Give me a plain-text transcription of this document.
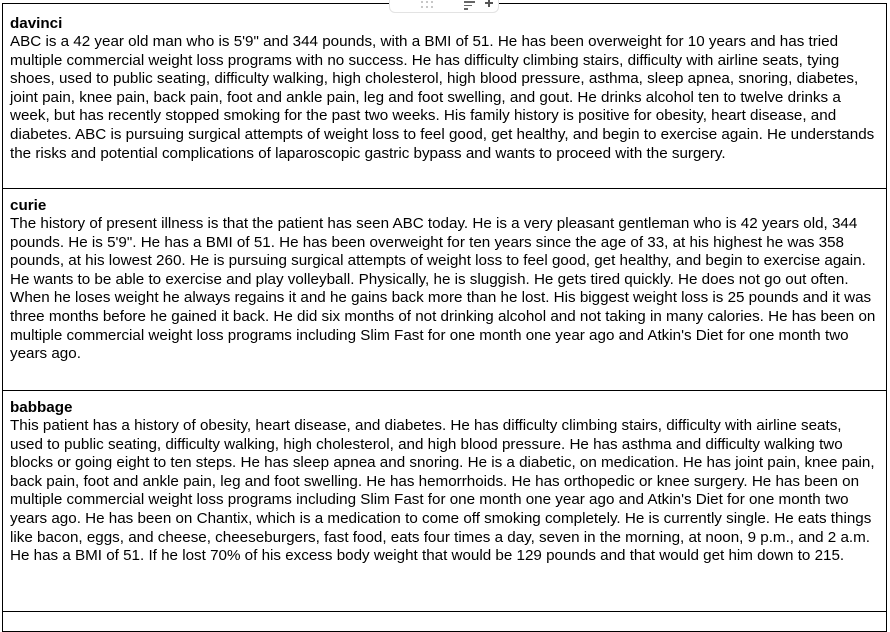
davinci
ABC is a 42 year old man who is 5'9" and 344 pounds, with a BMI of 51. He has been overweight for 10 years and has tried multiple commercial weight loss programs with no success. He has difficulty climbing stairs, difficulty with airline seats, tying shoes, used to public seating, difficulty walking, high cholesterol, high blood pressure, asthma, sleep apnea, snoring, diabetes, joint pain, knee pain, back pain, foot and ankle pain, leg and foot swelling, and gout. He drinks alcohol ten to twelve drinks a week, but has recently stopped smoking for the past two weeks. His family history is positive for obesity, heart disease, and diabetes. ABC is pursuing surgical attempts of weight loss to feel good, get healthy, and begin to exercise again. He understands the risks and potential complications of laparoscopic gastric bypass and wants to proceed with the surgery.
curie
The history of present illness is that the patient has seen ABC today. He is a very pleasant gentleman who is 42 years old, 344 pounds. He is 5'9". He has a BMI of 51. He has been overweight for ten years since the age of 33, at his highest he was 358 pounds, at his lowest 260. He is pursuing surgical attempts of weight loss to feel good, get healthy, and begin to exercise again. He wants to be able to exercise and play volleyball. Physically, he is sluggish. He gets tired quickly. He does not go out often. When he loses weight he always regains it and he gains back more than he lost. His biggest weight loss is 25 pounds and it was three months before he gained it back. He did six months of not drinking alcohol and not taking in many calories. He has been on multiple commercial weight loss programs including Slim Fast for one month one year ago and Atkin's Diet for one month two years ago.
babbage
This patient has a history of obesity, heart disease, and diabetes. He has difficulty climbing stairs, difficulty with airline seats, used to public seating, difficulty walking, high cholesterol, and high blood pressure. He has asthma and difficulty walking two blocks or going eight to ten steps. He has sleep apnea and snoring. He is a diabetic, on medication. He has joint pain, knee pain, back pain, foot and ankle pain, leg and foot swelling. He has hemorrhoids. He has orthopedic or knee surgery. He has been on multiple commercial weight loss programs including Slim Fast for one month one year ago and Atkin's Diet for one month two years ago. He has been on Chantix, which is a medication to come off smoking completely. He is currently single. He eats things like bacon, eggs, and cheese, cheeseburgers, fast food, eats four times a day, seven in the morning, at noon, 9 p.m., and 2 a.m. He has a BMI of 51. If he lost 70% of his excess body weight that would be 129 pounds and that would get him down to 215.
